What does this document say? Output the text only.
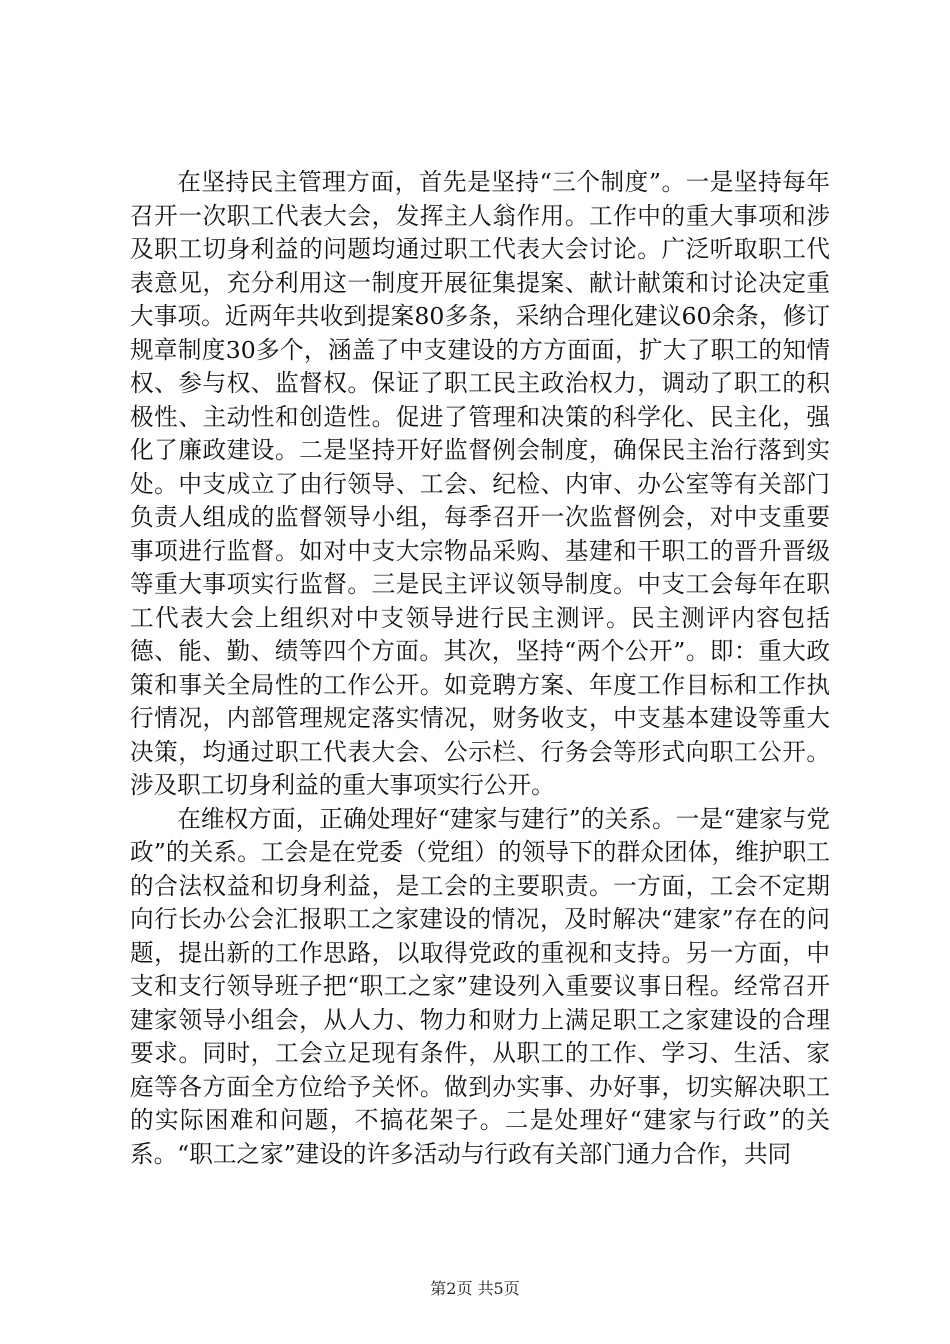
在坚持民主管理方面，首先是坚持“三个制度”。一是坚持每年召开一次职工代表大会，发挥主人翁作用。工作中的重大事项和涉及职工切身利益的问题均通过职工代表大会讨论。广泛听取职工代表意见，充分利用这一制度开展征集提案、献计献策和讨论决定重大事项。近两年共收到提案80多条，采纳合理化建议60余条，修订规章制度30多个，涵盖了中支建设的方方面面，扩大了职工的知情权、参与权、监督权。保证了职工民主政治权力，调动了职工的积极性、主动性和创造性。促进了管理和决策的科学化、民主化，强化了廉政建设。二是坚持开好监督例会制度，确保民主治行落到实处。中支成立了由行领导、工会、纪检、内审、办公室等有关部门负责人组成的监督领导小组，每季召开一次监督例会，对中支重要事项进行监督。如对中支大宗物品采购、基建和干职工的晋升晋级等重大事项实行监督。三是民主评议领导制度。中支工会每年在职工代表大会上组织对中支领导进行民主测评。民主测评内容包括德、能、勤、绩等四个方面。其次，坚持“两个公开”。即：重大政策和事关全局性的工作公开。如竞聘方案、年度工作目标和工作执行情况，内部管理规定落实情况，财务收支，中支基本建设等重大决策，均通过职工代表大会、公示栏、行务会等形式向职工公开。涉及职工切身利益的重大事项实行公开。

在维权方面，正确处理好“建家与建行”的关系。一是“建家与党政”的关系。工会是在党委（党组）的领导下的群众团体，维护职工的合法权益和切身利益，是工会的主要职责。一方面，工会不定期向行长办公会汇报职工之家建设的情况，及时解决“建家”存在的问题，提出新的工作思路，以取得党政的重视和支持。另一方面，中支和支行领导班子把“职工之家”建设列入重要议事日程。经常召开建家领导小组会，从人力、物力和财力上满足职工之家建设的合理要求。同时，工会立足现有条件，从职工的工作、学习、生活、家庭等各方面全方位给予关怀。做到办实事、办好事，切实解决职工的实际困难和问题，不搞花架子。二是处理好“建家与行政”的关系。“职工之家”建设的许多活动与行政有关部门通力合作，共同

第2页 共5页
